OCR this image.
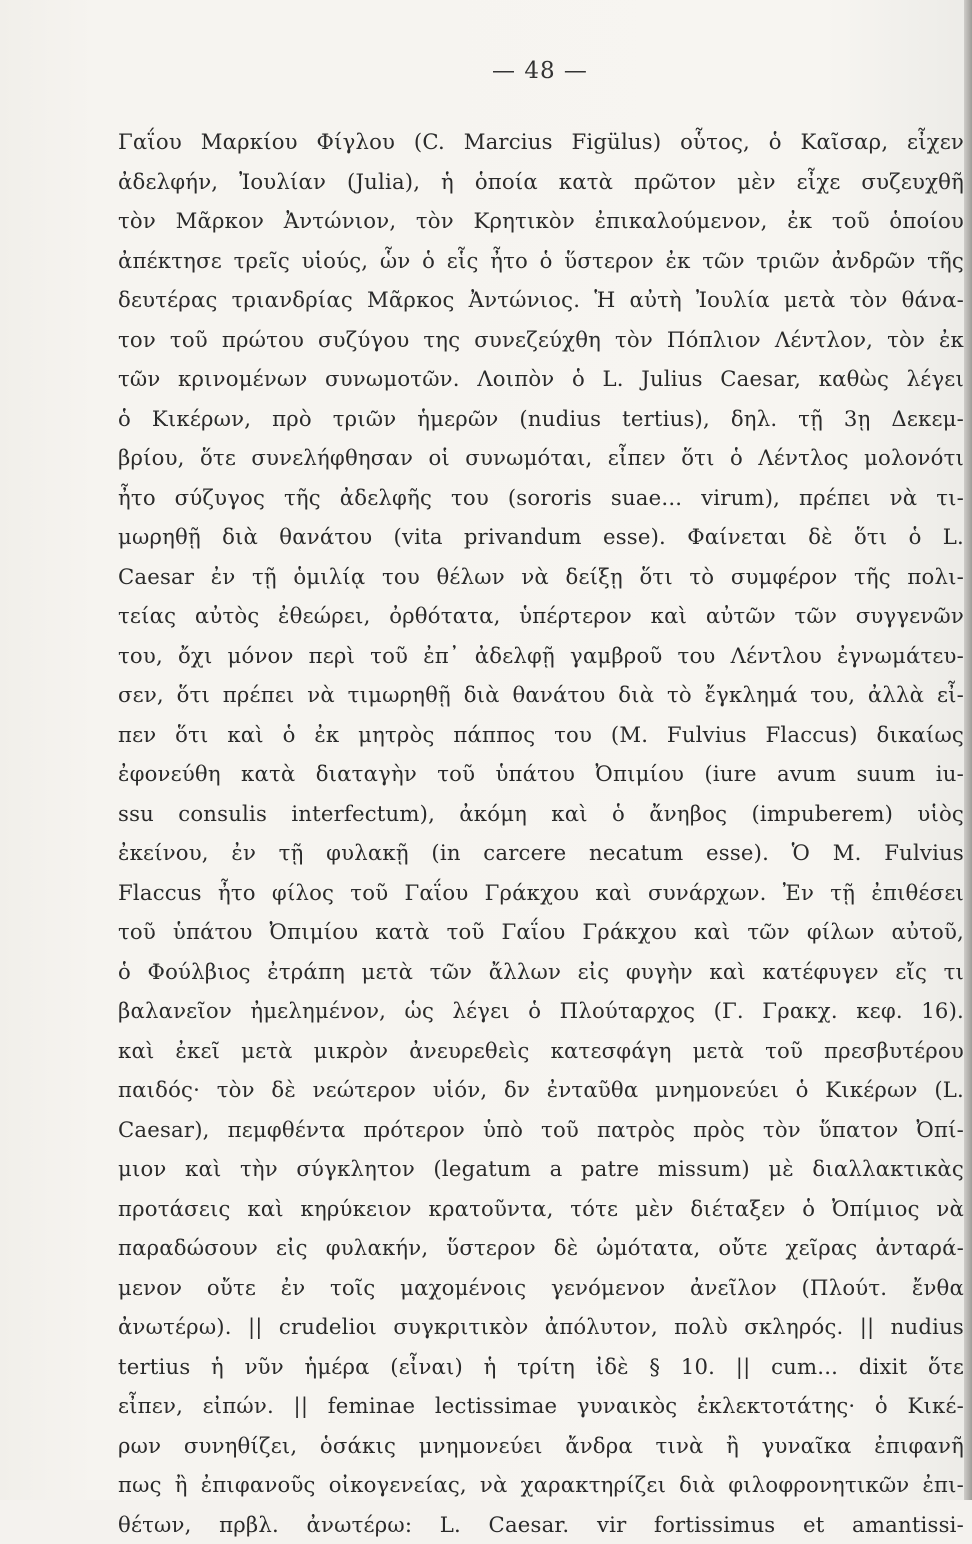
— 48 —
Γαΐου Μαρκίου Φίγλου (C. Marcius Figülus) οὗτος, ὁ Καῖσαρ, εἶχεν
ἀδελφήν, Ἰουλίαν (Julia), ἡ ὁποία κατὰ πρῶτον μὲν εἶχε συζευχθῆ
τὸν Μᾶρκον Ἀντώνιον, τὸν Κρητικὸν ἐπικαλούμενον, ἐκ τοῦ ὁποίου
ἀπέκτησε τρεῖς υἱούς, ὧν ὁ εἷς ἦτο ὁ ὕστερον ἐκ τῶν τριῶν ἀνδρῶν τῆς
δευτέρας τριανδρίας Μᾶρκος Ἀντώνιος. Ἡ αὐτὴ Ἰουλία μετὰ τὸν θάνα-
τον τοῦ πρώτου συζύγου της συνεζεύχθη τὸν Πόπλιον Λέντλον, τὸν ἐκ
τῶν κρινομένων συνωμοτῶν. Λοιπὸν ὁ L. Julius Caesar, καθὼς λέγει
ὁ Κικέρων, πρὸ τριῶν ἡμερῶν (nudius tertius), δηλ. τῇ 3ῃ Δεκεμ-
βρίου, ὅτε συνελήφθησαν οἱ συνωμόται, εἶπεν ὅτι ὁ Λέντλος μολονότι
ἦτο σύζυγος τῆς ἀδελφῆς του (sororis suae... virum), πρέπει νὰ τι-
μωρηθῇ διὰ θανάτου (vita privandum esse). Φαίνεται δὲ ὅτι ὁ L.
Caesar ἐν τῇ ὁμιλίᾳ του θέλων νὰ δείξῃ ὅτι τὸ συμφέρον τῆς πολι-
τείας αὐτὸς ἐθεώρει, ὀρθότατα, ὑπέρτερον καὶ αὐτῶν τῶν συγγενῶν
του, ὄχι μόνον περὶ τοῦ ἐπ᾽ ἀδελφῇ γαμβροῦ του Λέντλου ἐγνωμάτευ-
σεν, ὅτι πρέπει νὰ τιμωρηθῇ διὰ θανάτου διὰ τὸ ἔγκλημά του, ἀλλὰ εἶ-
πεν ὅτι καὶ ὁ ἐκ μητρὸς πάππος του (M. Fulvius Flaccus) δικαίως
ἐφονεύθη κατὰ διαταγὴν τοῦ ὑπάτου Ὀπιμίου (iure avum suum iu-
ssu consulis interfectum), ἀκόμη καὶ ὁ ἄνηβος (impuberem) υἱὸς
ἐκείνου, ἐν τῇ φυλακῇ (in carcere necatum esse). Ὁ M. Fulvius
Flaccus ἦτο φίλος τοῦ Γαΐου Γράκχου καὶ συνάρχων. Ἐν τῇ ἐπιθέσει
τοῦ ὑπάτου Ὀπιμίου κατὰ τοῦ Γαΐου Γράκχου καὶ τῶν φίλων αὐτοῦ,
ὁ Φούλβιος ἐτράπη μετὰ τῶν ἄλλων εἰς φυγὴν καὶ κατέφυγεν εἴς τι
βαλανεῖον ἠμελημένον, ὡς λέγει ὁ Πλούταρχος (Γ. Γρακχ. κεφ. 16).
καὶ ἐκεῖ μετὰ μικρὸν ἀνευρεθεὶς κατεσφάγη μετὰ τοῦ πρεσβυτέρου
παιδός· τὸν δὲ νεώτερον υἱόν, δν ἐνταῦθα μνημονεύει ὁ Κικέρων (L.
Caesar), πεμφθέντα πρότερον ὑπὸ τοῦ πατρὸς πρὸς τὸν ὕπατον Ὀπί-
μιον καὶ τὴν σύγκλητον (legatum a patre missum) μὲ διαλλακτικὰς
προτάσεις καὶ κηρύκειον κρατοῦντα, τότε μὲν διέταξεν ὁ Ὀπίμιος νὰ
παραδώσουν εἰς φυλακήν, ὕστερον δὲ ὠμότατα, οὔτε χεῖρας ἀνταρά-
μενον οὔτε ἐν τοῖς μαχομένοις γενόμενον ἀνεῖλον (Πλούτ. ἔνθα
ἀνωτέρω). || crudeliοι συγκριτικὸν ἀπόλυτον, πολὺ σκληρός. || nudius
tertius ἡ νῦν ἡμέρα (εἶναι) ἡ τρίτη ἰδὲ § 10. || cum... dixit ὅτε
εἶπεν, εἰπών. || feminae lectissimae γυναικὸς ἐκλεκτοτάτης· ὁ Κικέ-
ρων συνηθίζει, ὁσάκις μνημονεύει ἄνδρα τινὰ ἢ γυναῖκα ἐπιφανῆ
πως ἢ ἐπιφανοῦς οἰκογενείας, νὰ χαρακτηρίζει διὰ φιλοφρονητικῶν ἐπι-
θέτων, πρβλ. ἀνωτέρω: L. Caesar. vir fortissimus et amantissi-
